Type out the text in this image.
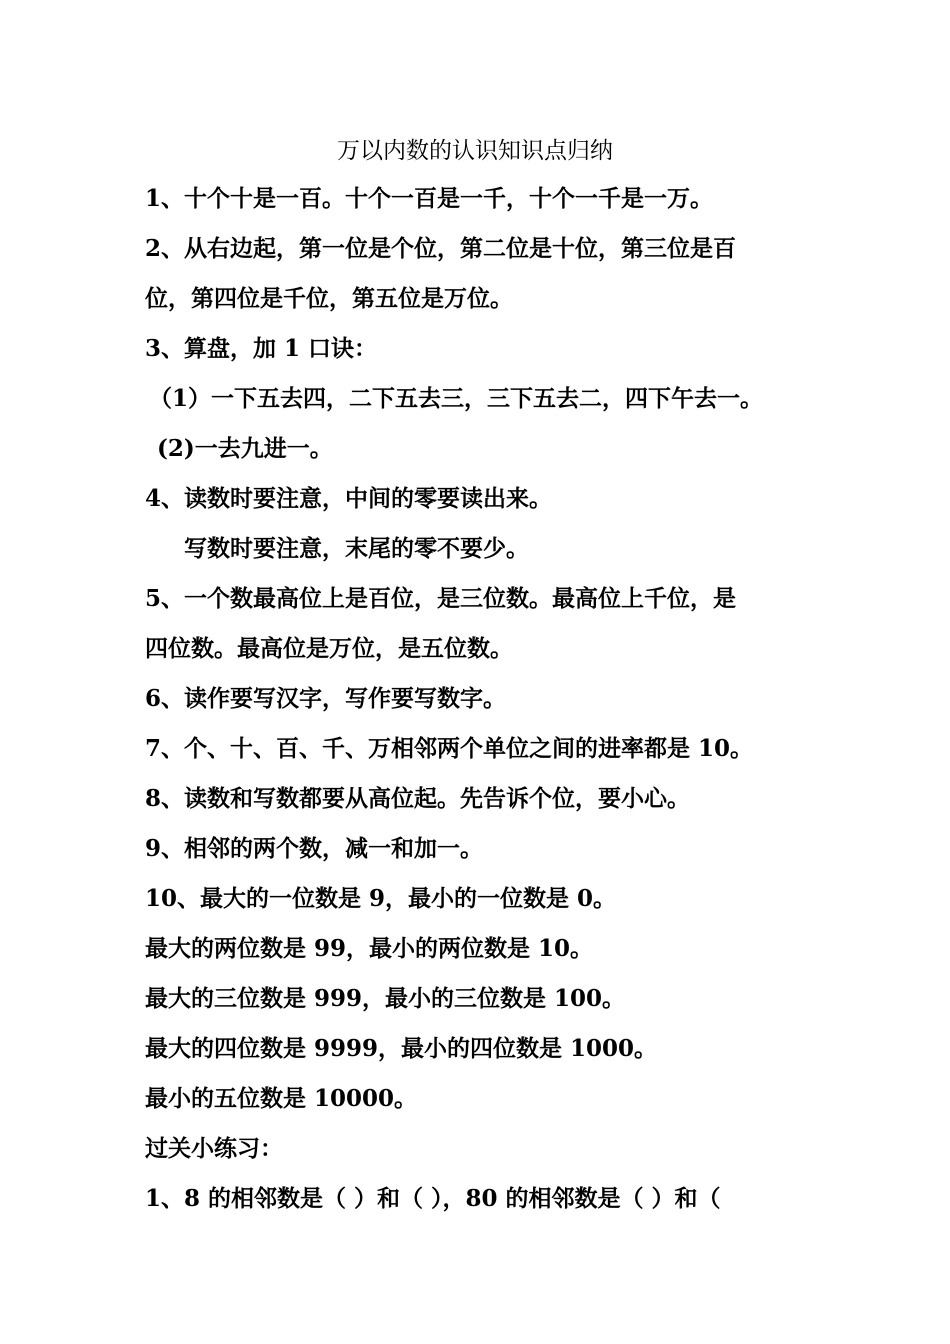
万以内数的认识知识点归纳
1、十个十是一百。十个一百是一千，十个一千是一万。
2、从右边起，第一位是个位，第二位是十位，第三位是百
位，第四位是千位，第五位是万位。
3、算盘，加 1 口诀：
（1）一下五去四，二下五去三，三下五去二，四下午去一。
(2)一去九进一。
4、读数时要注意，中间的零要读出来。
写数时要注意，末尾的零不要少。
5、一个数最高位上是百位，是三位数。最高位上千位，是
四位数。最高位是万位，是五位数。
6、读作要写汉字，写作要写数字。
7、个、十、百、千、万相邻两个单位之间的进率都是 10。
8、读数和写数都要从高位起。先告诉个位，要小心。
9、相邻的两个数，减一和加一。
10、最大的一位数是 9，最小的一位数是 0。
最大的两位数是 99，最小的两位数是 10。
最大的三位数是 999，最小的三位数是 100。
最大的四位数是 9999，最小的四位数是 1000。
最小的五位数是 10000。
过关小练习：
1、8 的相邻数是（ ）和（ ），80 的相邻数是（ ）和（
